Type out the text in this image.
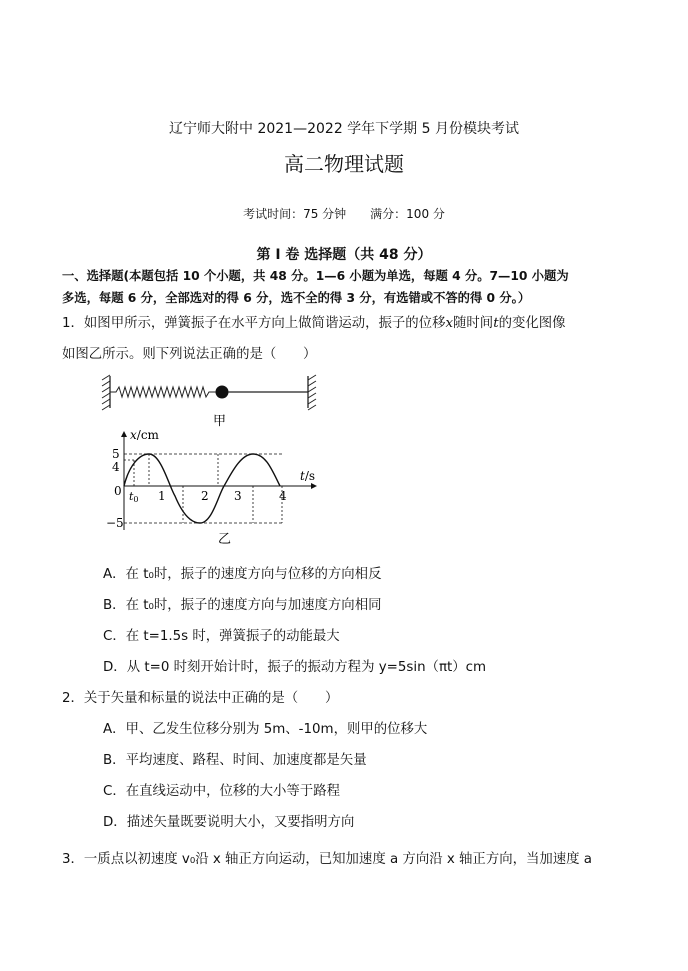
辽宁师大附中 2021—2022 学年下学期 5 月份模块考试
高二物理试题
考试时间：75 分钟 满分：100 分
第 Ⅰ 卷 选择题（共 48 分）
一、选择题(本题包括 10 个小题，共 48 分。1—6 小题为单选，每题 4 分。7—10 小题为
多选，每题 6 分，全部选对的得 6 分，选不全的得 3 分，有选错或不答的得 0 分。）
1．如图甲所示，弹簧振子在水平方向上做简谐运动，振子的位移x随时间t的变化图像
如图乙所示。则下列说法正确的是（　　）
甲
x/cm
t/s
5
4
0
−5
t0 1	2 3	4
乙
A．在 t₀时，振子的速度方向与位移的方向相反
B．在 t₀时，振子的速度方向与加速度方向相同
C．在 t=1.5s 时，弹簧振子的动能最大
D．从 t=0 时刻开始计时，振子的振动方程为 y=5sin（πt）cm
2．关于矢量和标量的说法中正确的是（　　）
A．甲、乙发生位移分别为 5m、-10m，则甲的位移大
B．平均速度、路程、时间、加速度都是矢量
C．在直线运动中，位移的大小等于路程
D．描述矢量既要说明大小，又要指明方向
3．一质点以初速度 v₀沿 x 轴正方向运动，已知加速度 a 方向沿 x 轴正方向，当加速度 a
